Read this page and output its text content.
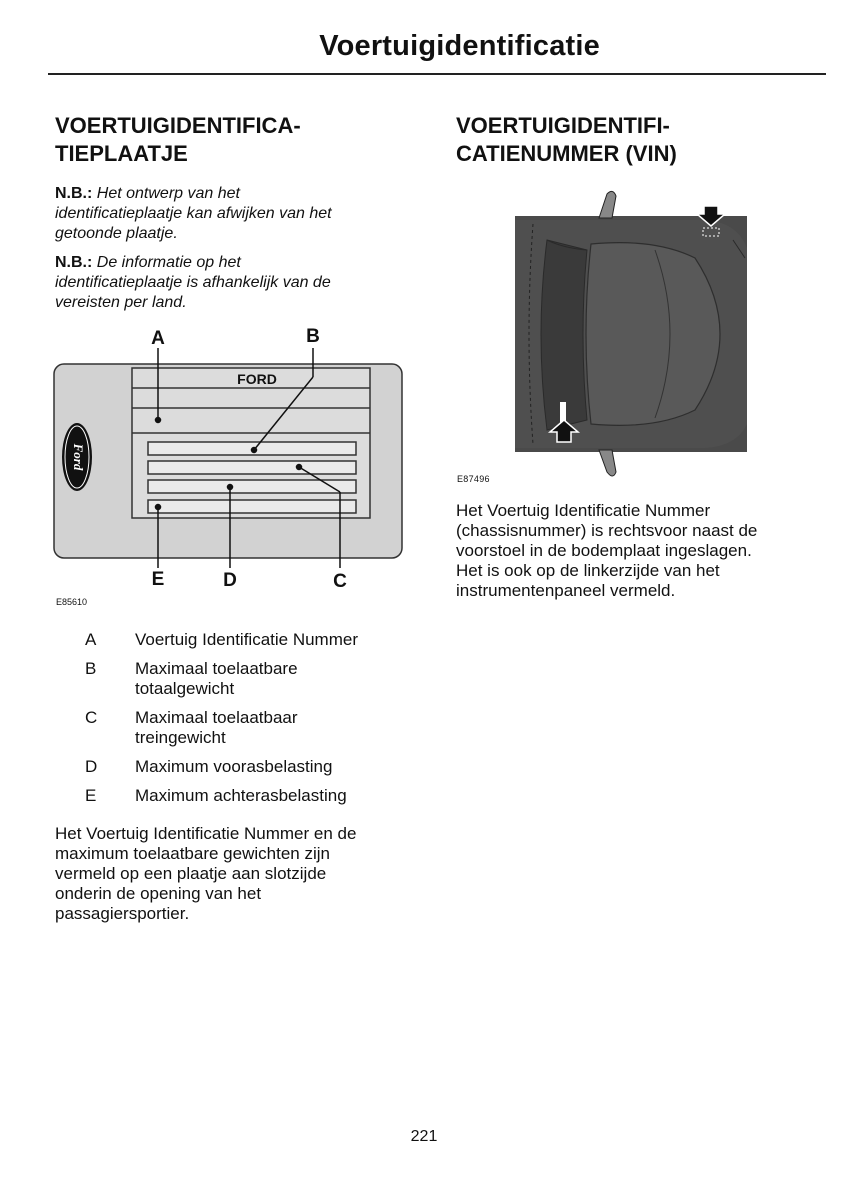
Voertuigidentificatie
VOERTUIGIDENTIFICA-
TIEPLAATJE

N.B.: Het ontwerp van het
identificatieplaatje kan afwijken van het
getoonde plaatje.

N.B.: De informatie op het
identificatieplaatje is afhankelijk van de
vereisten per land.

Ford
FORD
A	B
E	D	C
E85610
A	Voertuig Identificatie Nummer
B	Maximaal toelaatbare
totaalgewicht
C	Maximaal toelaatbaar
treingewicht
D	Maximum voorasbelasting
E	Maximum achterasbelasting

Het Voertuig Identificatie Nummer en de
maximum toelaatbare gewichten zijn
vermeld op een plaatje aan slotzijde
onderin de opening van het
passagiersportier.

VOERTUIGIDENTIFI-
CATIENUMMER (VIN)
E87496

Het Voertuig Identificatie Nummer
(chassisnummer) is rechtsvoor naast de
voorstoel in de bodemplaat ingeslagen.
Het is ook op de linkerzijde van het
instrumentenpaneel vermeld.

221
